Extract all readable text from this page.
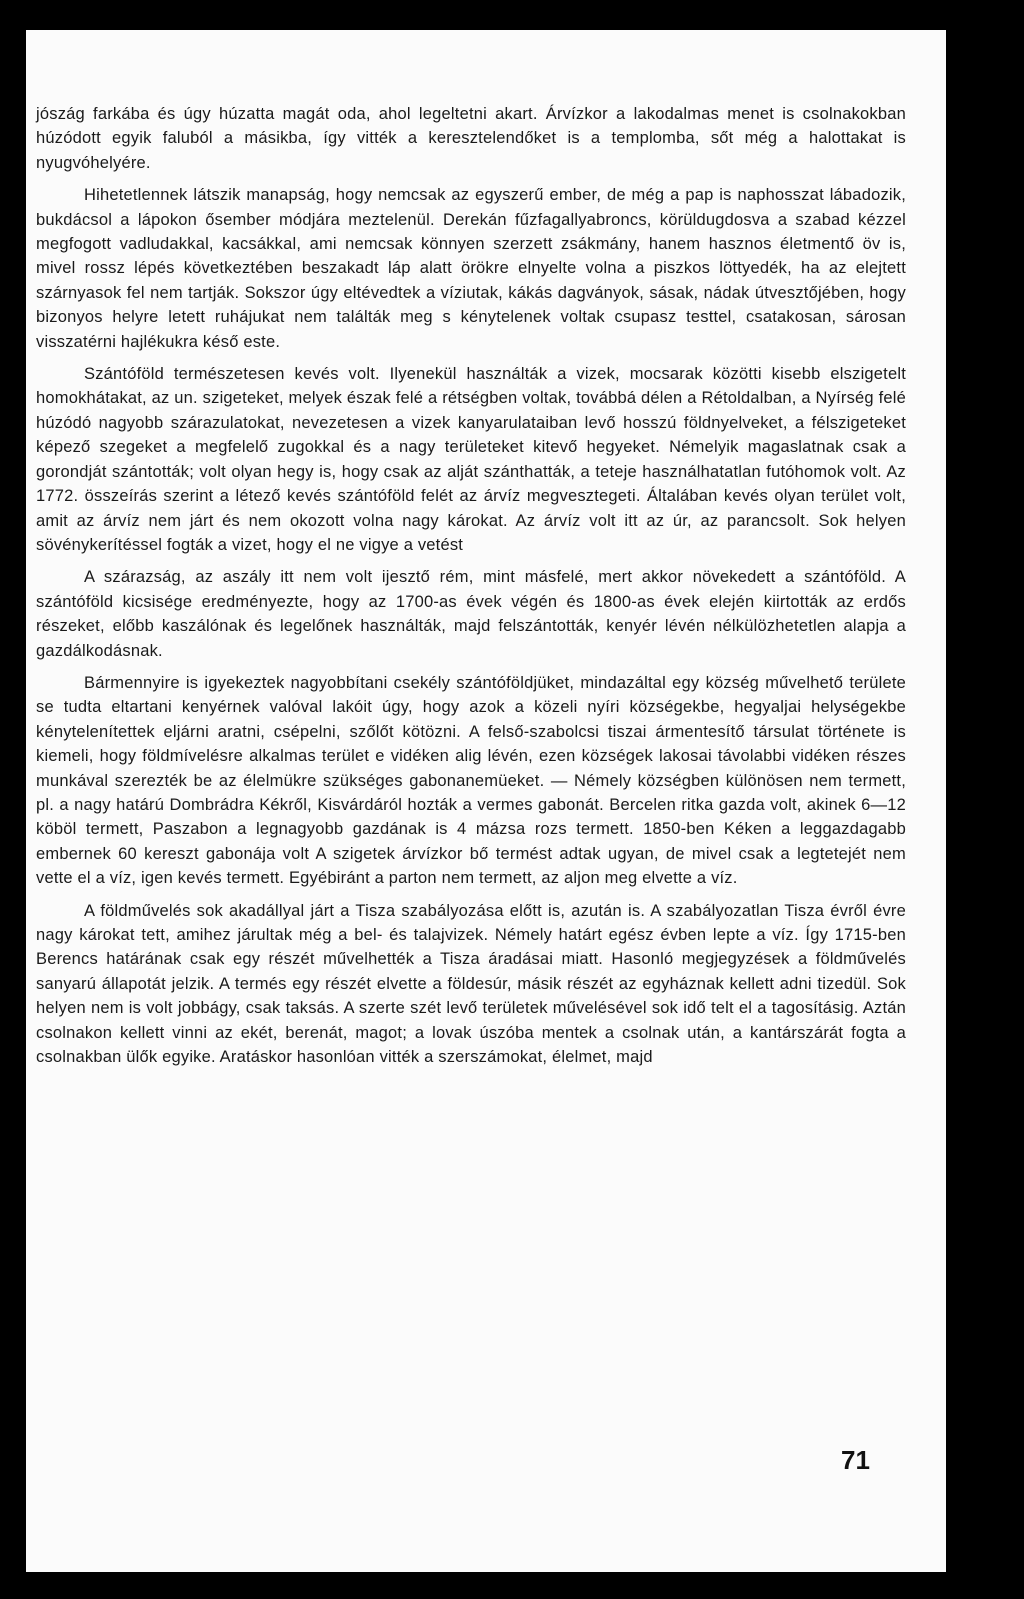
jószág farkába és úgy húzatta magát oda, ahol legeltetni akart. Árvízkor a lakodalmas menet is csolnakokban húzódott egyik faluból a másikba, így vitték a keresztelendőket is a templomba, sőt még a halottakat is nyugvóhelyére.

Hihetetlennek látszik manapság, hogy nemcsak az egyszerű ember, de még a pap is naphosszat lábadozik, bukdácsol a lápokon ősember módjára meztelenül. Derekán fűzfagallyabroncs, körüldugdosva a szabad kézzel megfogott vadludakkal, kacsákkal, ami nemcsak könnyen szerzett zsákmány, hanem hasznos életmentő öv is, mivel rossz lépés következtében beszakadt láp alatt örökre elnyelte volna a piszkos löttyedék, ha az elejtett szárnyasok fel nem tartják. Sokszor úgy eltévedtek a víziutak, kákás dagványok, sásak, nádak útvesztőjében, hogy bizonyos helyre letett ruhájukat nem találták meg s kénytelenek voltak csupasz testtel, csatakosan, sárosan visszatérni hajlékukra késő este.

Szántóföld természetesen kevés volt. Ilyenekül használták a vizek, mocsarak közötti kisebb elszigetelt homokhátakat, az un. szigeteket, melyek észak felé a rétségben voltak, továbbá délen a Rétoldalban, a Nyírség felé húzódó nagyobb szárazulatokat, nevezetesen a vizek kanyarulataiban levő hosszú földnyelveket, a félszigeteket képező szegeket a megfelelő zugokkal és a nagy területeket kitevő hegyeket. Némelyik magaslatnak csak a gorondját szántották; volt olyan hegy is, hogy csak az alját szánthatták, a teteje használhatatlan futóhomok volt. Az 1772. összeírás szerint a létező kevés szántóföld felét az árvíz megvesztegeti. Általában kevés olyan terület volt, amit az árvíz nem járt és nem okozott volna nagy károkat. Az árvíz volt itt az úr, az parancsolt. Sok helyen sövénykerítéssel fogták a vizet, hogy el ne vigye a vetést

A szárazság, az aszály itt nem volt ijesztő rém, mint másfelé, mert akkor növekedett a szántóföld. A szántóföld kicsisége eredményezte, hogy az 1700-as évek végén és 1800-as évek elején kiirtották az erdős részeket, előbb kaszálónak és legelőnek használták, majd felszántották, kenyér lévén nélkülözhetetlen alapja a gazdálkodásnak.

Bármennyire is igyekeztek nagyobbítani csekély szántóföldjüket, mindazáltal egy község művelhető területe se tudta eltartani kenyérnek valóval lakóit úgy, hogy azok a közeli nyíri községekbe, hegyaljai helységekbe kénytelenítettek eljárni aratni, csépelni, szőlőt kötözni. A felső-szabolcsi tiszai ármentesítő társulat története is kiemeli, hogy földmívelésre alkalmas terület e vidéken alig lévén, ezen községek lakosai távolabbi vidéken részes munkával szerezték be az élelmükre szükséges gabonanemüeket. — Némely községben különösen nem termett, pl. a nagy határú Dombrádra Kékről, Kisvárdáról hozták a vermes gabonát. Bercelen ritka gazda volt, akinek 6—12 köböl termett, Paszabon a legnagyobb gazdának is 4 mázsa rozs termett. 1850-ben Kéken a leggazdagabb embernek 60 kereszt gabonája volt A szigetek árvízkor bő termést adtak ugyan, de mivel csak a legtetejét nem vette el a víz, igen kevés termett. Egyébiránt a parton nem termett, az aljon meg elvette a víz.

A földművelés sok akadállyal járt a Tisza szabályozása előtt is, azután is. A szabályozatlan Tisza évről évre nagy károkat tett, amihez járultak még a bel- és talajvizek. Némely határt egész évben lepte a víz. Így 1715-ben Berencs határának csak egy részét művelhették a Tisza áradásai miatt. Hasonló megjegyzések a földművelés sanyarú állapotát jelzik. A termés egy részét elvette a földesúr, másik részét az egyháznak kellett adni tizedül. Sok helyen nem is volt jobbágy, csak taksás. A szerte szét levő területek művelésével sok idő telt el a tagosításig. Aztán csolnakon kellett vinni az ekét, berenát, magot; a lovak úszóba mentek a csolnak után, a kantárszárát fogta a csolnakban ülők egyike. Aratáskor hasonlóan vitték a szerszámokat, élelmet, majd

71
